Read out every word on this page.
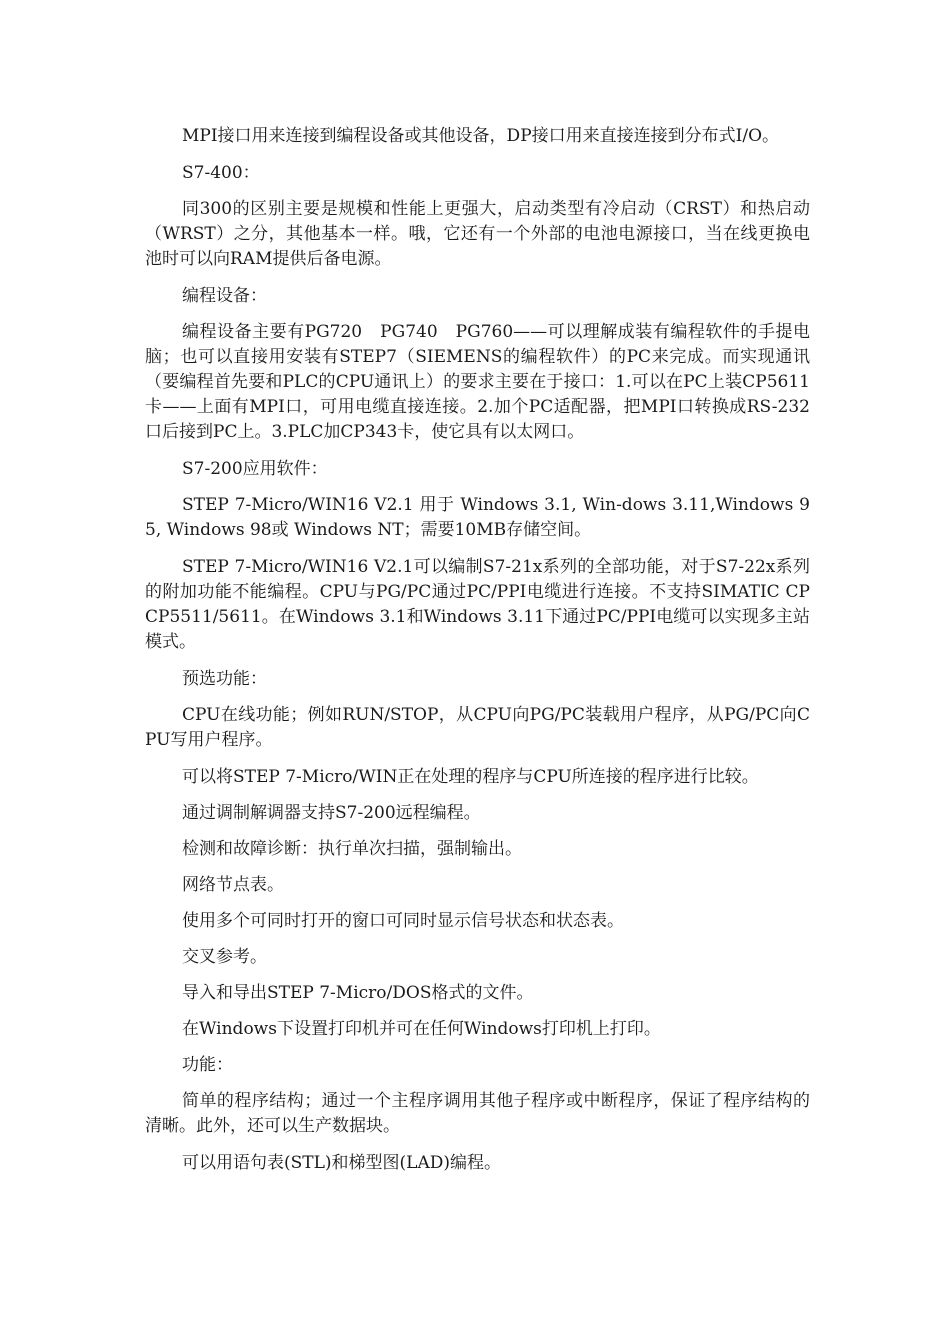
MPI接口用来连接到编程设备或其他设备，DP接口用来直接连接到分布式I/O。

S7-400：

同300的区别主要是规模和性能上更强大，启动类型有冷启动（CRST）和热启动（WRST）之分，其他基本一样。哦，它还有一个外部的电池电源接口，当在线更换电池时可以向RAM提供后备电源。

编程设备：

编程设备主要有PG720　PG740　PG760——可以理解成装有编程软件的手提电脑；也可以直接用安装有STEP7（SIEMENS的编程软件）的PC来完成。而实现通讯（要编程首先要和PLC的CPU通讯上）的要求主要在于接口：1.可以在PC上装CP5611卡——上面有MPI口，可用电缆直接连接。2.加个PC适配器，把MPI口转换成RS-232口后接到PC上。3.PLC加CP343卡，使它具有以太网口。

S7-200应用软件：

STEP 7-Micro/WIN16 V2.1 用于 Windows 3.1, Win-dows 3.11,Windows 95, Windows 98或 Windows NT；需要10MB存储空间。

STEP 7-Micro/WIN16 V2.1可以编制S7-21x系列的全部功能，对于S7-22x系列的附加功能不能编程。CPU与PG/PC通过PC/PPI电缆进行连接。不支持SIMATIC CP CP5511/5611。在Windows 3.1和Windows 3.11下通过PC/PPI电缆可以实现多主站模式。

预选功能：

CPU在线功能；例如RUN/STOP，从CPU向PG/PC装载用户程序，从PG/PC向CPU写用户程序。

可以将STEP 7-Micro/WIN正在处理的程序与CPU所连接的程序进行比较。

通过调制解调器支持S7-200远程编程。

检测和故障诊断：执行单次扫描，强制输出。

网络节点表。

使用多个可同时打开的窗口可同时显示信号状态和状态表。

交叉参考。

导入和导出STEP 7-Micro/DOS格式的文件。

在Windows下设置打印机并可在任何Windows打印机上打印。

功能：

简单的程序结构；通过一个主程序调用其他子程序或中断程序，保证了程序结构的清晰。此外，还可以生产数据块。

可以用语句表(STL)和梯型图(LAD)编程。
